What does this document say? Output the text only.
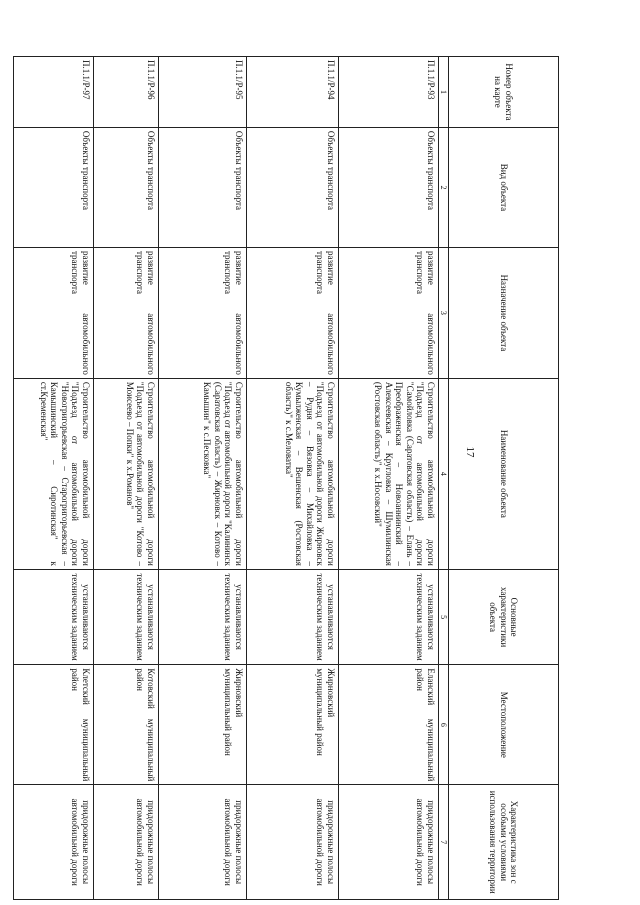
17
Номер объекта на карте	Вид объекта	Назначение объекта	Наименование объекта	Основные характеристики объекта	Местоположение	Характеристика зон с особыми условиями использования территории
1	2	3	4	5	6	7
П.1.1/Р-93	Объекты транспорта	развитие автомобильного транспорта	Строительство автомобильной дороги "Подъезд от автомобильной дороги "Самойловка (Саратовская область) – Елань – Преображенская – Новоаннинский – Алексеевская – Кругловка – Шумилинская (Ростовская область)" к х.Носовский"	устанавливаются техническим заданием	Еланский муниципальный район	придорожные полосы автомобильной дороги
П.1.1/Р-94	Объекты транспорта	развитие автомобильного транспорта	Строительство автомобильной дороги "Подъезд от автомобильной дороги Жирновск – Рудня – Вязовка – Михайловка – Кумылженская – Вешенская (Ростовская область)" к с.Меловатка"	устанавливаются техническим заданием	Жирновский муниципальный район	придорожные полосы автомобильной дороги
П.1.1/Р-95	Объекты транспорта	развитие автомобильного транспорта	Строительство автомобильной дороги "Подъезд от автомобильной дороги "Калининск (Саратовская область) – Жирновск – Котово – Камышин" к с.Песковка"	устанавливаются техническим заданием	Жирновский муниципальный район	придорожные полосы автомобильной дороги
П.1.1/Р-96	Объекты транспорта	развитие автомобильного транспорта	Строительство автомобильной дороги "Подъезд от автомобильной дороги "Котово – Моисеево – Попки" к х.Романов"	устанавливаются техническим заданием	Котовский муниципальный район	придорожные полосы автомобильной дороги
П.1.1/Р-97	Объекты транспорта	развитие автомобильного транспорта	Строительство автомобильной дороги "Подъезд от автомобильной дороги "Новогригорьевская – Старогригорьевская – Камышинский – Сиротинская" к ст.Кременская"	устанавливаются техническим заданием	Клетский муниципальный район	придорожные полосы автомобильной дороги
